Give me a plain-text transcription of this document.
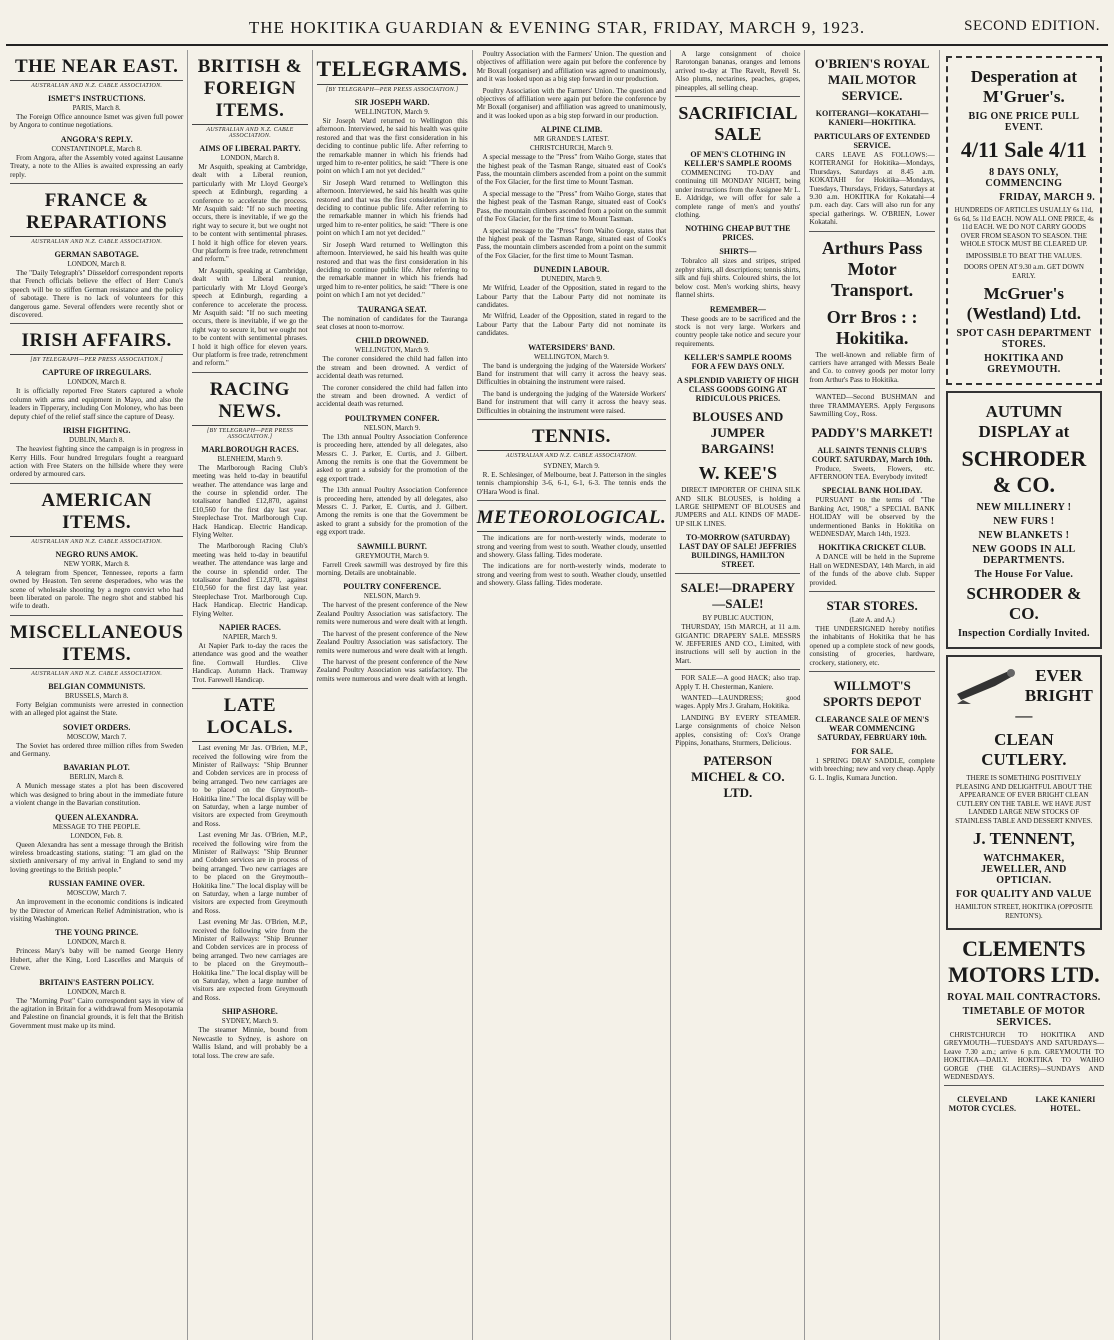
THE HOKITIKA GUARDIAN & EVENING STAR, FRIDAY, MARCH 9, 1923.	SECOND EDITION.
THE NEAR EAST.
AUSTRALIAN AND N.Z. CABLE ASSOCIATION.
ISMET'S INSTRUCTIONS.
PARIS, March 8.

The Foreign Office announce Ismet was given full power by Angora to continue negotiations.

ANGORA'S REPLY.
CONSTANTINOPLE, March 8.

From Angora, after the Assembly voted against Lausanne Treaty, a note to the Allies is awaited expressing an early reply.

FRANCE & REPARATIONS
AUSTRALIAN AND N.Z. CABLE ASSOCIATION.
GERMAN SABOTAGE.
LONDON, March 8.

The "Daily Telegraph's" Düsseldorf correspondent reports that French officials believe the effect of Herr Cuno's speech will be to stiffen German resistance and the policy of sabotage. There is no lack of volunteers for this dangerous game. Several offenders were recently shot or discovered.

IRISH AFFAIRS.
[BY TELEGRAPH—PER PRESS ASSOCIATION.]
CAPTURE OF IRREGULARS.
LONDON, March 8.

It is officially reported Free Staters captured a whole column with arms and equipment in Mayo, and also the leaders in Tipperary, including Con Moloney, who has been deputy chief of the relief staff since the capture of Deasy.

IRISH FIGHTING.
DUBLIN, March 8.

The heaviest fighting since the campaign is in progress in Kerry Hills. Four hundred Irregulars fought a rearguard action with Free Staters on the hillside where they were ordered by armoured cars.

AMERICAN ITEMS.
AUSTRALIAN AND N.Z. CABLE ASSOCIATION.
NEGRO RUNS AMOK.
NEW YORK, March 8.

A telegram from Spencer, Tennessee, reports a farm owned by Heaston. Ten serene desperadoes, who was the scene of wholesale shooting by a negro convict who had been liberated on parole. The negro shot and stabbed his wife to death.

MISCELLANEOUS ITEMS.
AUSTRALIAN AND N.Z. CABLE ASSOCIATION.
BELGIAN COMMUNISTS.
BRUSSELS, March 8.

Forty Belgian communists were arrested in connection with an alleged plot against the State.

SOVIET ORDERS.
MOSCOW, March 7.

The Soviet has ordered three million rifles from Sweden and Germany.

BAVARIAN PLOT.
BERLIN, March 8.

A Munich message states a plot has been discovered which was designed to bring about in the immediate future a violent change in the Bavarian constitution.

QUEEN ALEXANDRA.
MESSAGE TO THE PEOPLE.
LONDON, Feb. 8.

Queen Alexandra has sent a message through the British wireless broadcasting stations, stating: "I am glad on the sixtieth anniversary of my arrival in England to send my loving greetings to the British people."

RUSSIAN FAMINE OVER.
MOSCOW, March 7.

An improvement in the economic conditions is indicated by the Director of American Relief Administration, who is visiting Washington.

THE YOUNG PRINCE.
LONDON, March 8.

Princess Mary's baby will be named George Henry Hubert, after the King, Lord Lascelles and Marquis of Crewe.

BRITAIN'S EASTERN POLICY.
LONDON, March 8.

The "Morning Post" Cairo correspondent says in view of the agitation in Britain for a withdrawal from Mesopotamia and Palestine on financial grounds, it is felt that the British Government must make up its mind.

BRITISH & FOREIGN ITEMS.
AUSTRALIAN AND N.Z. CABLE ASSOCIATION.
AIMS OF LIBERAL PARTY.
LONDON, March 8.

Mr Asquith, speaking at Cambridge, dealt with a Liberal reunion, particularly with Mr Lloyd George's speech at Edinburgh, regarding a conference to accelerate the process. Mr Asquith said: "If no such meeting occurs, there is inevitable, if we go the right way to secure it, but we ought not to be content with sentimental phrases. I hold it high office for eleven years. Our platform is free trade, retrenchment and reform."

Mr Asquith, speaking at Cambridge, dealt with a Liberal reunion, particularly with Mr Lloyd George's speech at Edinburgh, regarding a conference to accelerate the process. Mr Asquith said: "If no such meeting occurs, there is inevitable, if we go the right way to secure it, but we ought not to be content with sentimental phrases. I hold it high office for eleven years. Our platform is free trade, retrenchment and reform."

RACING NEWS.
[BY TELEGRAPH—PER PRESS ASSOCIATION.]
MARLBOROUGH RACES.
BLENHEIM, March 9.

The Marlborough Racing Club's meeting was held to-day in beautiful weather. The attendance was large and the course in splendid order. The totalisator handled £12,870, against £10,560 for the first day last year. Steeplechase Trot. Marlborough Cup. Hack Handicap. Electric Handicap. Flying Welter.

The Marlborough Racing Club's meeting was held to-day in beautiful weather. The attendance was large and the course in splendid order. The totalisator handled £12,870, against £10,560 for the first day last year. Steeplechase Trot. Marlborough Cup. Hack Handicap. Electric Handicap. Flying Welter.

NAPIER RACES.
NAPIER, March 9.

At Napier Park to-day the races the attendance was good and the weather fine. Cornwall Hurdles. Clive Handicap. Autumn Hack. Tramway Trot. Farewell Handicap.

LATE LOCALS.

Last evening Mr Jas. O'Brien, M.P., received the following wire from the Minister of Railways: "Ship Brunner and Cobden services are in process of being arranged. Two new carriages are to be placed on the Greymouth–Hokitika line." The local display will be on Saturday, when a large number of visitors are expected from Greymouth and Ross.

Last evening Mr Jas. O'Brien, M.P., received the following wire from the Minister of Railways: "Ship Brunner and Cobden services are in process of being arranged. Two new carriages are to be placed on the Greymouth–Hokitika line." The local display will be on Saturday, when a large number of visitors are expected from Greymouth and Ross.

Last evening Mr Jas. O'Brien, M.P., received the following wire from the Minister of Railways: "Ship Brunner and Cobden services are in process of being arranged. Two new carriages are to be placed on the Greymouth–Hokitika line." The local display will be on Saturday, when a large number of visitors are expected from Greymouth and Ross.

SHIP ASHORE.
SYDNEY, March 9.

The steamer Minnie, bound from Newcastle to Sydney, is ashore on Wallis Island, and will probably be a total loss. The crew are safe.

TELEGRAMS.
[BY TELEGRAPH—PER PRESS ASSOCIATION.]
SIR JOSEPH WARD.
WELLINGTON, March 9.

Sir Joseph Ward returned to Wellington this afternoon. Interviewed, he said his health was quite restored and that was the first consideration in his deciding to continue public life. After referring to the remarkable manner in which his friends had urged him to re-enter politics, he said: "There is one point on which I am not yet decided."

Sir Joseph Ward returned to Wellington this afternoon. Interviewed, he said his health was quite restored and that was the first consideration in his deciding to continue public life. After referring to the remarkable manner in which his friends had urged him to re-enter politics, he said: "There is one point on which I am not yet decided."

Sir Joseph Ward returned to Wellington this afternoon. Interviewed, he said his health was quite restored and that was the first consideration in his deciding to continue public life. After referring to the remarkable manner in which his friends had urged him to re-enter politics, he said: "There is one point on which I am not yet decided."

TAURANGA SEAT.

The nomination of candidates for the Tauranga seat closes at noon to-morrow.

CHILD DROWNED.
WELLINGTON, March 9.

The coroner considered the child had fallen into the stream and been drowned. A verdict of accidental death was returned.

The coroner considered the child had fallen into the stream and been drowned. A verdict of accidental death was returned.

POULTRYMEN CONFER.
NELSON, March 9.

The 13th annual Poultry Association Conference is proceeding here, attended by all delegates, also Messrs C. J. Parker, E. Curtis, and J. Gilbert. Among the remits is one that the Government be asked to grant a subsidy for the promotion of the egg export trade.

The 13th annual Poultry Association Conference is proceeding here, attended by all delegates, also Messrs C. J. Parker, E. Curtis, and J. Gilbert. Among the remits is one that the Government be asked to grant a subsidy for the promotion of the egg export trade.

SAWMILL BURNT.
GREYMOUTH, March 9.

Farrell Creek sawmill was destroyed by fire this morning. Details are unobtainable.

POULTRY CONFERENCE.
NELSON, March 9.

The harvest of the present conference of the New Zealand Poultry Association was satisfactory. The remits were numerous and were dealt with at length.

The harvest of the present conference of the New Zealand Poultry Association was satisfactory. The remits were numerous and were dealt with at length.

The harvest of the present conference of the New Zealand Poultry Association was satisfactory. The remits were numerous and were dealt with at length.

Poultry Association with the Farmers' Union. The question and objectives of affiliation were again put before the conference by Mr Boxall (organiser) and affiliation was agreed to unanimously, and it was looked upon as a big step forward in our production.

Poultry Association with the Farmers' Union. The question and objectives of affiliation were again put before the conference by Mr Boxall (organiser) and affiliation was agreed to unanimously, and it was looked upon as a big step forward in our production.

ALPINE CLIMB.
MR GRANDE'S LATEST.
CHRISTCHURCH, March 9.

A special message to the "Press" from Waiho Gorge, states that the highest peak of the Tasman Range, situated east of Cook's Pass, the mountain climbers ascended from a point on the summit of the Fox Glacier, for the first time to Mount Tasman.

A special message to the "Press" from Waiho Gorge, states that the highest peak of the Tasman Range, situated east of Cook's Pass, the mountain climbers ascended from a point on the summit of the Fox Glacier, for the first time to Mount Tasman.

A special message to the "Press" from Waiho Gorge, states that the highest peak of the Tasman Range, situated east of Cook's Pass, the mountain climbers ascended from a point on the summit of the Fox Glacier, for the first time to Mount Tasman.

DUNEDIN LABOUR.
DUNEDIN, March 9.

Mr Wilfrid, Leader of the Opposition, stated in regard to the Labour Party that the Labour Party did not nominate its candidates.

Mr Wilfrid, Leader of the Opposition, stated in regard to the Labour Party that the Labour Party did not nominate its candidates.

WATERSIDERS' BAND.
WELLINGTON, March 9.

The band is undergoing the judging of the Waterside Workers' Band for instrument that will carry it across the heavy seas. Difficulties in obtaining the instrument were raised.

The band is undergoing the judging of the Waterside Workers' Band for instrument that will carry it across the heavy seas. Difficulties in obtaining the instrument were raised.

TENNIS.
AUSTRALIAN AND N.Z. CABLE ASSOCIATION.
SYDNEY, March 9.

R. E. Schlesinger, of Melbourne, beat J. Patterson in the singles tennis championship 3-6, 6-1, 6-1, 6-3. The tennis ends the O'Hara Wood is final.

METEOROLOGICAL.

The indications are for north-westerly winds, moderate to strong and veering from west to south. Weather cloudy, unsettled and showery. Glass falling. Tides moderate.

The indications are for north-westerly winds, moderate to strong and veering from west to south. Weather cloudy, unsettled and showery. Glass falling. Tides moderate.

A large consignment of choice Rarotongan bananas, oranges and lemons arrived to-day at The Ravelt, Revell St. Also plums, nectarines, peaches, grapes, pineapples, all selling cheap.

SACRIFICIAL SALE
OF MEN'S CLOTHING IN KELLER'S SAMPLE ROOMS

COMMENCING TO-DAY and continuing till MONDAY NIGHT, being under instructions from the Assignee Mr L. E. Aldridge, we will offer for sale a complete range of men's and youths' clothing.

NOTHING CHEAP BUT THE PRICES.
SHIRTS—

Tobralco all sizes and stripes, striped zephyr shirts, all descriptions; tennis shirts, silk and fuji shirts. Coloured shirts, the lot below cost. Men's working shirts, heavy flannel shirts.

REMEMBER—

These goods are to be sacrificed and the stock is not very large. Workers and country people take notice and secure your requirements.

KELLER'S SAMPLE ROOMS FOR A FEW DAYS ONLY.
A SPLENDID VARIETY OF HIGH CLASS GOODS GOING AT RIDICULOUS PRICES.
BLOUSES AND JUMPER BARGAINS!
W. KEE'S

DIRECT IMPORTER OF CHINA SILK AND SILK BLOUSES, is holding a LARGE SHIPMENT OF BLOUSES and JUMPERS and ALL KINDS OF MADE-UP SILK LINES.

TO-MORROW (SATURDAY) LAST DAY OF SALE! JEFFRIES BUILDINGS, HAMILTON STREET.
SALE!—DRAPERY—SALE!
BY PUBLIC AUCTION,

THURSDAY, 15th MARCH, at 11 a.m. GIGANTIC DRAPERY SALE. MESSRS W. JEFFERIES AND CO., Limited, with instructions will sell by auction in the Mart.

FOR SALE—A good HACK; also trap. Apply T. H. Chesterman, Kaniere.

WANTED—LAUNDRESS; good wages. Apply Mrs J. Graham, Hokitika.

LANDING BY EVERY STEAMER. Large consignments of choice Nelson apples, consisting of: Cox's Orange Pippins, Jonathans, Sturmers, Delicious.

PATERSON MICHEL & CO. LTD.
O'BRIEN'S ROYAL MAIL MOTOR SERVICE.
KOITERANGI—KOKATAHI—KANIERI—HOKITIKA.
PARTICULARS OF EXTENDED SERVICE.

CARS LEAVE AS FOLLOWS:— KOITERANGI for Hokitika—Mondays, Thursdays, Saturdays at 8.45 a.m. KOKATAHI for Hokitika—Mondays, Tuesdays, Thursdays, Fridays, Saturdays at 9.30 a.m. HOKITIKA for Kokatahi—4 p.m. each day. Cars will also run for any special gatherings. W. O'BRIEN, Lower Kokatahi.

Arthurs Pass Motor Transport.
Orr Bros : : Hokitika.

The well-known and reliable firm of carriers have arranged with Messrs Beale and Co. to convey goods per motor lorry from Arthur's Pass to Hokitika.

WANTED—Second BUSHMAN and three TRAMMAYERS. Apply Fergusons Sawmilling Coy., Ross.

PADDY'S MARKET!
ALL SAINTS TENNIS CLUB'S COURT. SATURDAY, March 10th.

Produce, Sweets, Flowers, etc. AFTERNOON TEA. Everybody invited!

SPECIAL BANK HOLIDAY.

PURSUANT to the terms of "The Banking Act, 1908," a SPECIAL BANK HOLIDAY will be observed by the undermentioned Banks in Hokitika on WEDNESDAY, March 14th, 1923.

HOKITIKA CRICKET CLUB.

A DANCE will be held in the Supreme Hall on WEDNESDAY, 14th March, in aid of the funds of the above club. Supper provided.

STAR STORES.
(Late A. and A.)

THE UNDERSIGNED hereby notifies the inhabitants of Hokitika that he has opened up a complete stock of new goods, consisting of groceries, hardware, crockery, stationery, etc.

WILLMOT'S SPORTS DEPOT
CLEARANCE SALE OF MEN'S WEAR COMMENCING SATURDAY, FEBRUARY 10th.
FOR SALE.

1 SPRING DRAY SADDLE, complete with breeching; new and very cheap. Apply G. L. Inglis, Kumara Junction.

Desperation at M'Gruer's.
BIG ONE PRICE PULL EVENT.
4/11 Sale 4/11
8 DAYS ONLY, COMMENCING
FRIDAY, MARCH 9.
HUNDREDS OF ARTICLES USUALLY 6s 11d, 6s 6d, 5s 11d EACH. NOW ALL ONE PRICE, 4s 11d EACH. WE DO NOT CARRY GOODS OVER FROM SEASON TO SEASON. THE WHOLE STOCK MUST BE CLEARED UP.
IMPOSSIBLE TO BEAT THE VALUES.
DOORS OPEN AT 9.30 a.m. GET DOWN EARLY.
McGruer's (Westland) Ltd.
SPOT CASH DEPARTMENT STORES.
HOKITIKA AND GREYMOUTH.
AUTUMN DISPLAY at
SCHRODER & CO.
NEW MILLINERY !
NEW FURS !
NEW BLANKETS !
NEW GOODS IN ALL DEPARTMENTS.
The House For Value.
SCHRODER & CO.
Inspection Cordially Invited.
EVER BRIGHT—
CLEAN CUTLERY.
THERE IS SOMETHING POSITIVELY PLEASING AND DELIGHTFUL ABOUT THE APPEARANCE OF EVER BRIGHT CLEAN CUTLERY ON THE TABLE. WE HAVE JUST LANDED LARGE NEW STOCKS OF STAINLESS TABLE AND DESSERT KNIVES.
J. TENNENT,
WATCHMAKER, JEWELLER, AND OPTICIAN.
FOR QUALITY AND VALUE
HAMILTON STREET, HOKITIKA (OPPOSITE RENTON'S).
CLEMENTS MOTORS LTD.
ROYAL MAIL CONTRACTORS.
TIMETABLE OF MOTOR SERVICES.

CHRISTCHURCH TO HOKITIKA AND GREYMOUTH—TUESDAYS AND SATURDAYS—Leave 7.30 a.m.; arrive 6 p.m. GREYMOUTH TO HOKITIKA—DAILY. HOKITIKA TO WAIHO GORGE (THE GLACIERS)—SUNDAYS AND WEDNESDAYS.

CLEVELAND MOTOR CYCLES.
LAKE KANIERI HOTEL.
